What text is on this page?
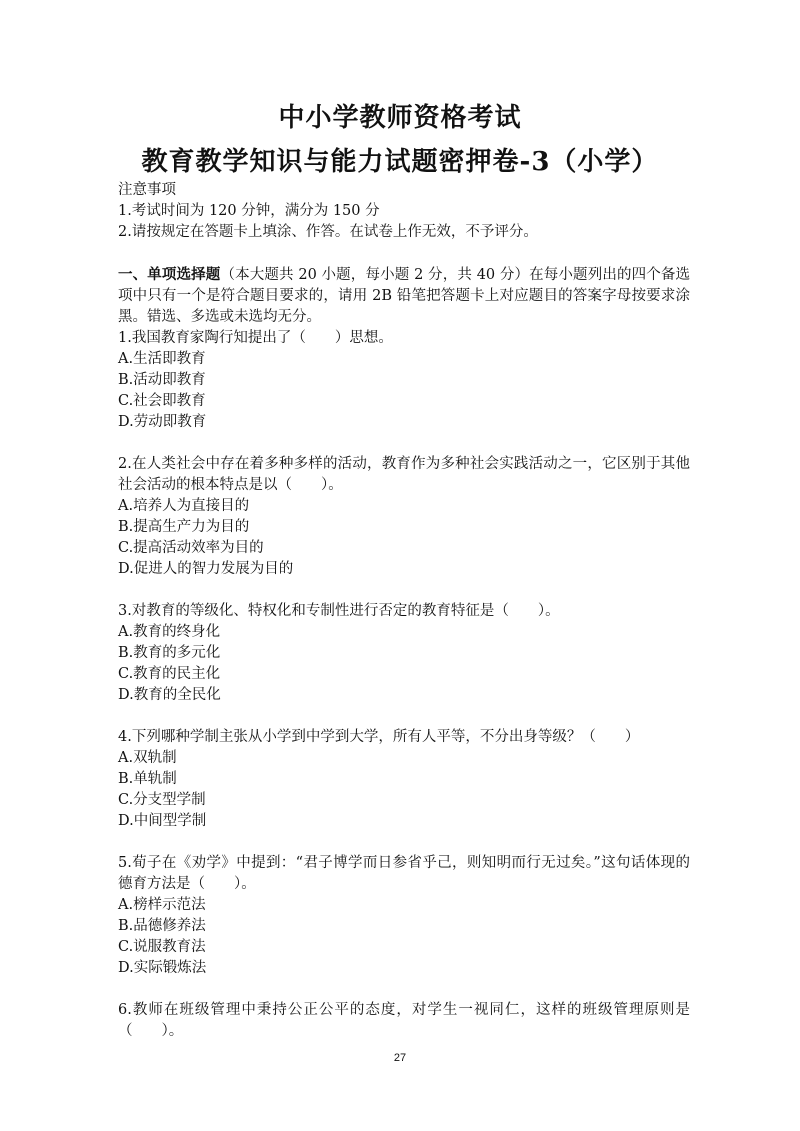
中小学教师资格考试
教育教学知识与能力试题密押卷-3（小学）
注意事项
1.考试时间为 120 分钟，满分为 150 分
2.请按规定在答题卡上填涂、作答。在试卷上作无效，不予评分。
一、单项选择题（本大题共 20 小题，每小题 2 分，共 40 分）在每小题列出的四个备选项中只有一个是符合题目要求的，请用 2B 铅笔把答题卡上对应题目的答案字母按要求涂黑。错选、多选或未选均无分。
1.我国教育家陶行知提出了（　　）思想。
A.生活即教育
B.活动即教育
C.社会即教育
D.劳动即教育
2.在人类社会中存在着多种多样的活动，教育作为多种社会实践活动之一，它区别于其他社会活动的根本特点是以（　　）。
A.培养人为直接目的
B.提高生产力为目的
C.提高活动效率为目的
D.促进人的智力发展为目的
3.对教育的等级化、特权化和专制性进行否定的教育特征是（　　）。
A.教育的终身化
B.教育的多元化
C.教育的民主化
D.教育的全民化
4.下列哪种学制主张从小学到中学到大学，所有人平等，不分出身等级？（　　）
A.双轨制
B.单轨制
C.分支型学制
D.中间型学制
5.荀子在《劝学》中提到：“君子博学而日参省乎己，则知明而行无过矣。”这句话体现的德育方法是（　　）。
A.榜样示范法
B.品德修养法
C.说服教育法
D.实际锻炼法
6.教师在班级管理中秉持公正公平的态度，对学生一视同仁，这样的班级管理原则是（　　）。
27
